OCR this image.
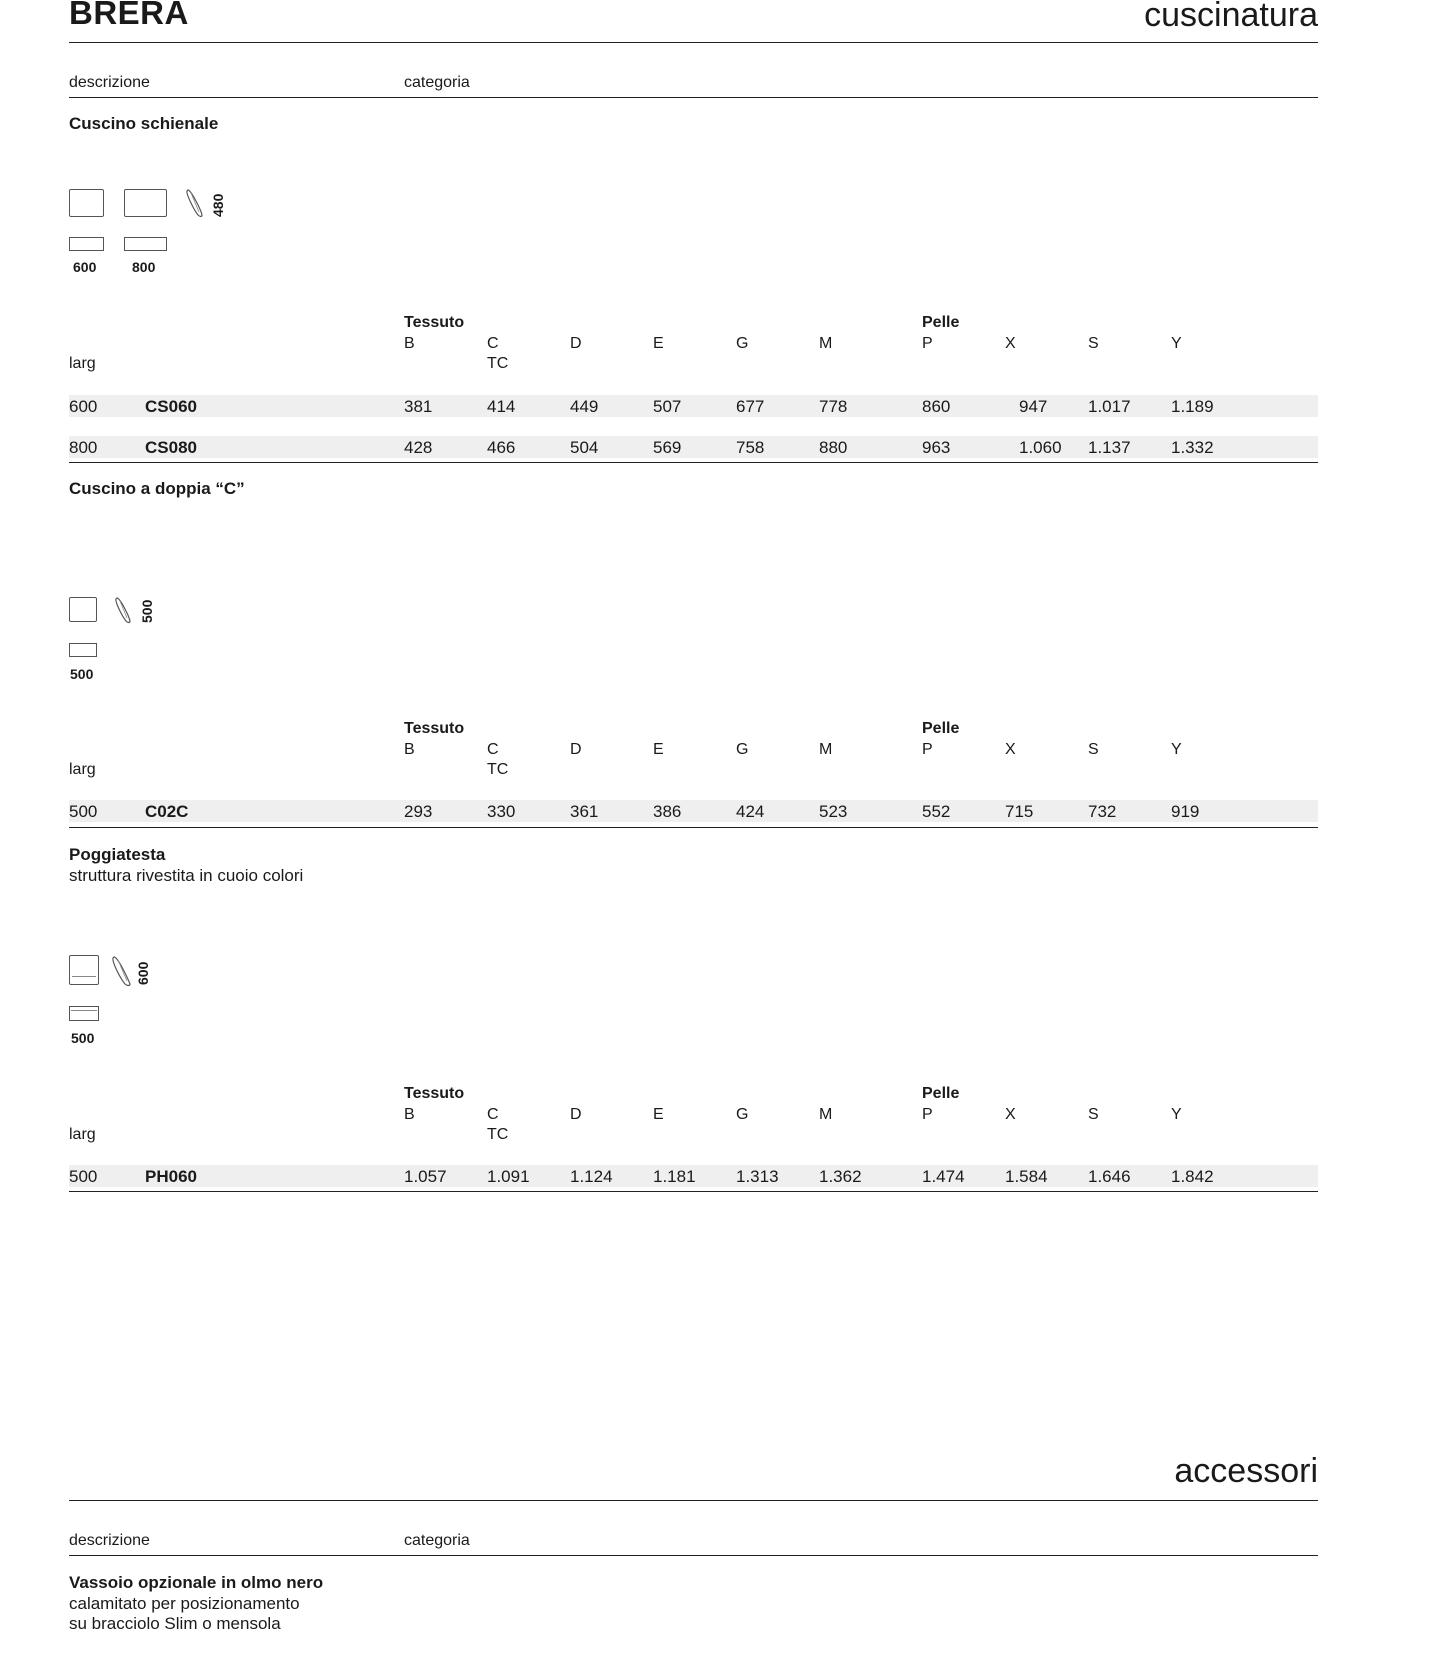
BRERA	cuscinatura
descrizione	categoria
Cuscino schienale
480
600	800
Tessuto	Pelle
B	C	D	E	G	M	P	X	S	Y
TC
larg
600	CS060	381	414	449	507	677	778	860	947 1.017 1.189
800	CS080	428	466	504	569	758	880	963	1.060 1.137 1.332
Cuscino a doppia “C”
500
500
Tessuto	Pelle
B	C	D	E	G	M	P	X	S	Y
TC
larg
500	C02C	293	330	361	386	424	523	552	715	732	919
Poggiatesta
struttura rivestita in cuoio colori
600
500
Tessuto	Pelle
B	C	D	E	G	M	P	X	S	Y
TC
larg
500	PH060	1.057 1.091 1.124 1.181 1.313 1.362	1.474 1.584 1.646 1.842
accessori
descrizione	categoria
Vassoio opzionale in olmo nero
calamitato per posizionamento
su bracciolo Slim o mensola
